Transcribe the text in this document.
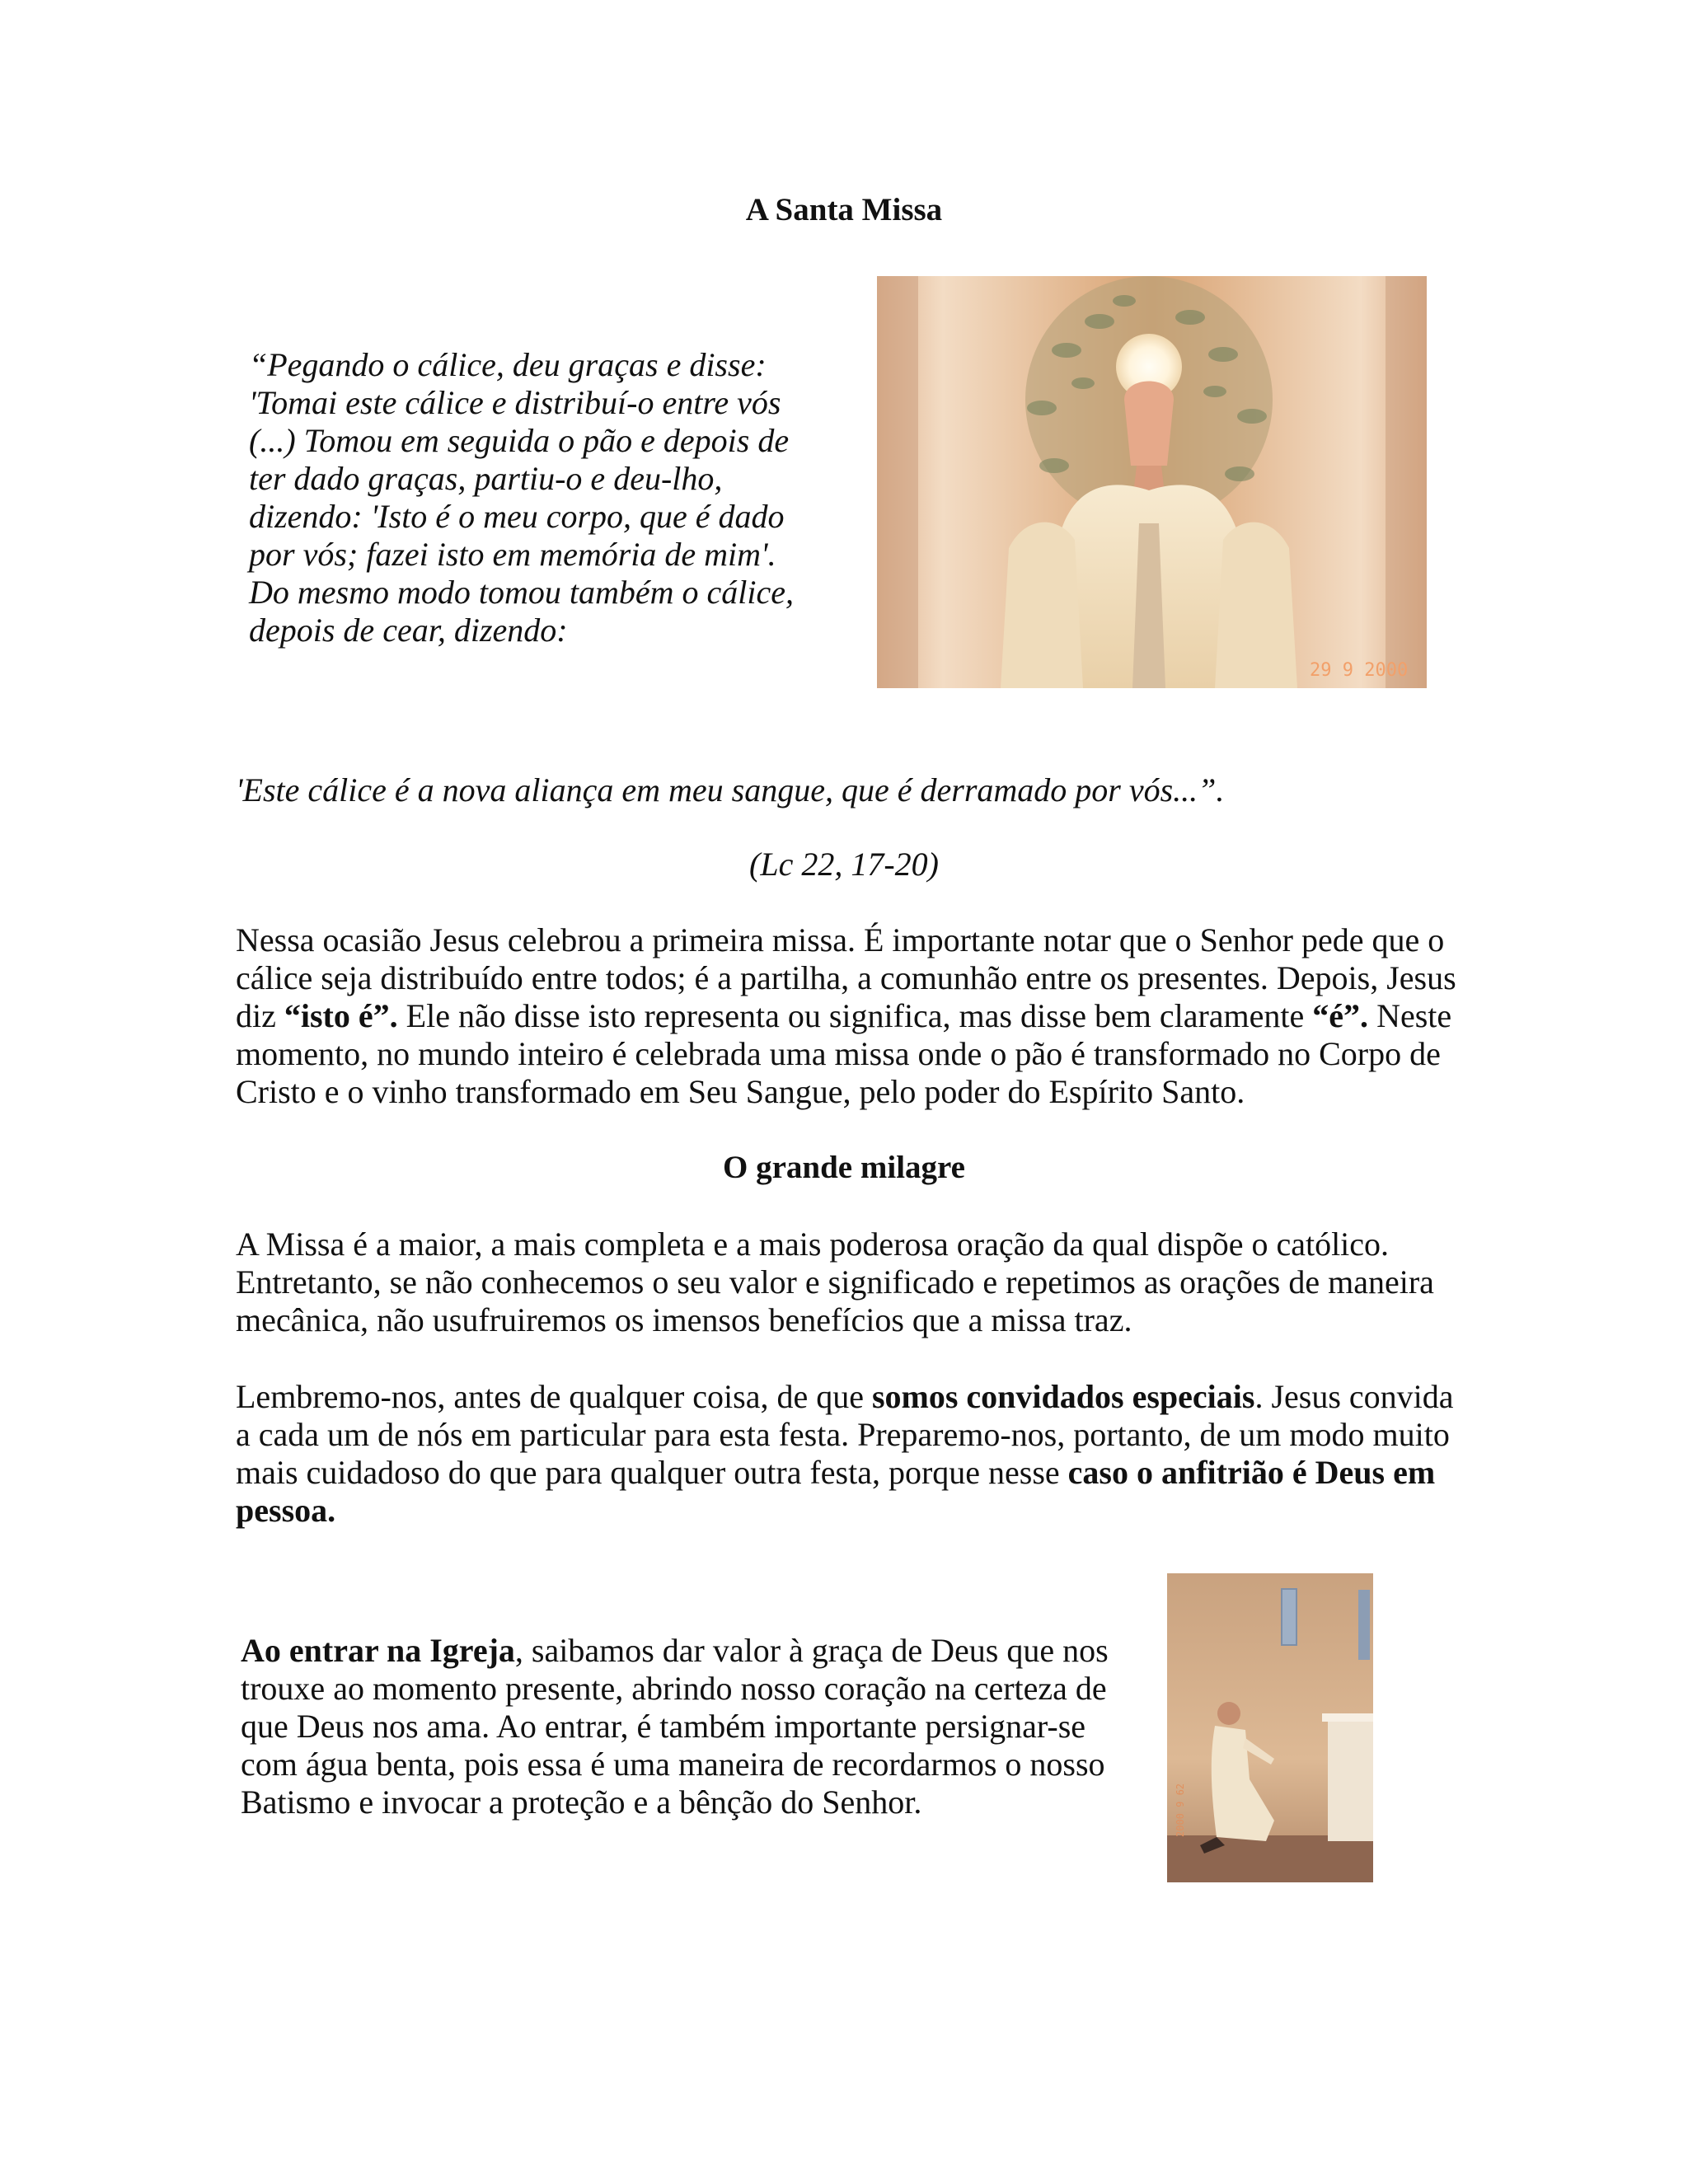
A Santa Missa

“Pegando o cálice, deu graças e disse:

'Tomai este cálice e distribuí-o entre vós

(...) Tomou em seguida o pão e depois de

ter dado graças, partiu-o e deu-lho,

dizendo: 'Isto é o meu corpo, que é dado

por vós; fazei isto em memória de mim'.

Do mesmo modo tomou também o cálice,

depois de cear, dizendo:

29 9 2000
'Este cálice é a nova aliança em meu sangue, que é derramado por vós...”.
(Lc 22, 17-20)

Nessa ocasião Jesus celebrou a primeira missa. É importante notar que o Senhor pede que o cálice seja distribuído entre todos; é a partilha, a comunhão entre os presentes. Depois, Jesus diz “isto é”. Ele não disse isto representa ou significa, mas disse bem claramente “é”. Neste momento, no mundo inteiro é celebrada uma missa onde o pão é transformado no Corpo de Cristo e o vinho transformado em Seu Sangue, pelo poder do Espírito Santo.

O grande milagre

A Missa é a maior, a mais completa e a mais poderosa oração da qual dispõe o católico. Entretanto, se não conhecemos o seu valor e significado e repetimos as orações de maneira mecânica, não usufruiremos os imensos benefícios que a missa traz.

Lembremo-nos, antes de qualquer coisa, de que somos convidados especiais. Jesus convida a cada um de nós em particular para esta festa. Preparemo-nos, portanto, de um modo muito mais cuidadoso do que para qualquer outra festa, porque nesse caso o anfitrião é Deus em pessoa.

Ao entrar na Igreja, saibamos dar valor à graça de Deus que nos trouxe ao momento presente, abrindo nosso coração na certeza de que Deus nos ama. Ao entrar, é também importante persignar-se com água benta, pois essa é uma maneira de recordarmos o nosso Batismo e invocar a proteção e a bênção do Senhor.	2000 9 62
